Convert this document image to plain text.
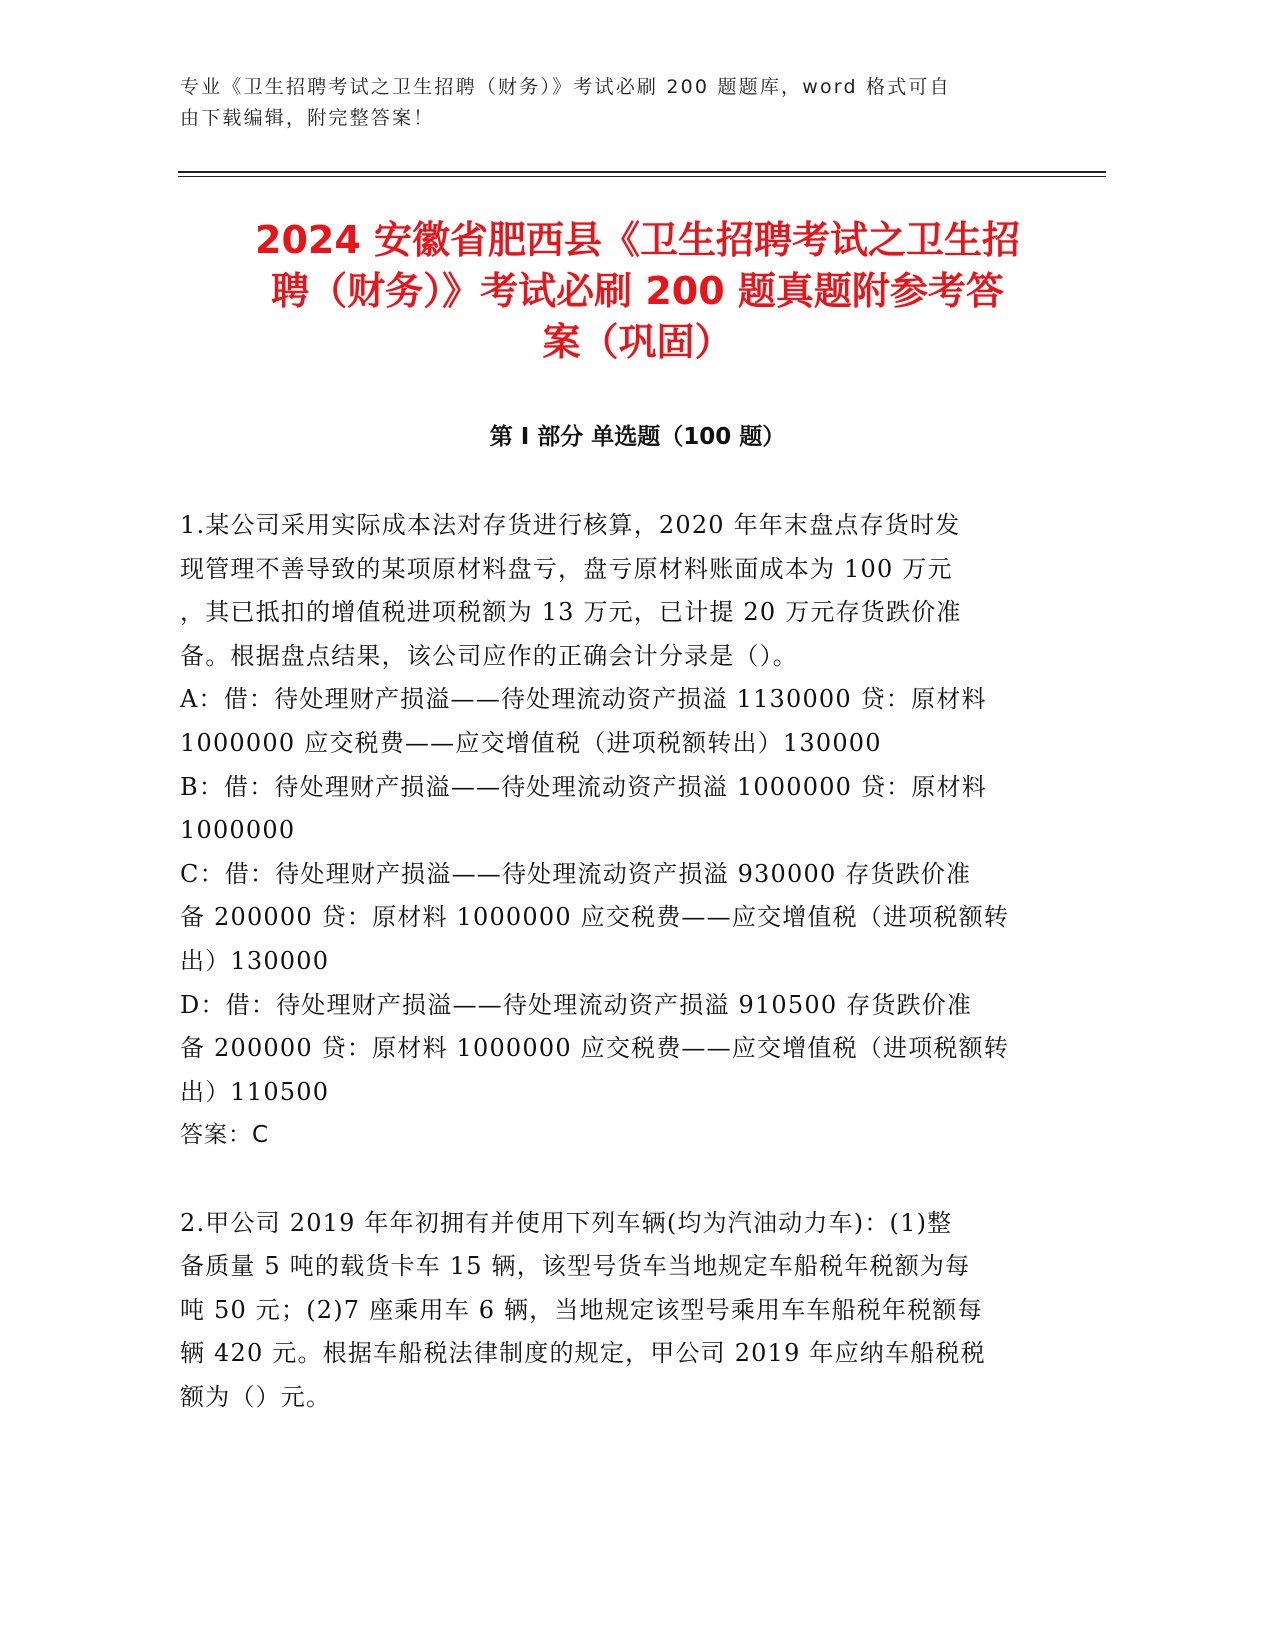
专业《卫生招聘考试之卫生招聘（财务）》考试必刷 200 题题库，word 格式可自
由下载编辑，附完整答案！
2024 安徽省肥西县《卫生招聘考试之卫生招
聘（财务）》考试必刷 200 题真题附参考答
案（巩固）
第 I 部分 单选题（100 题）
1.某公司采用实际成本法对存货进行核算，2020 年年末盘点存货时发
现管理不善导致的某项原材料盘亏，盘亏原材料账面成本为 100 万元
，其已抵扣的增值税进项税额为 13 万元，已计提 20 万元存货跌价准
备。根据盘点结果，该公司应作的正确会计分录是（）。
A：借：待处理财产损溢——待处理流动资产损溢 1130000 贷：原材料
1000000 应交税费——应交增值税（进项税额转出）130000
B：借：待处理财产损溢——待处理流动资产损溢 1000000 贷：原材料
1000000
C：借：待处理财产损溢——待处理流动资产损溢 930000 存货跌价准
备 200000 贷：原材料 1000000 应交税费——应交增值税（进项税额转
出）130000
D：借：待处理财产损溢——待处理流动资产损溢 910500 存货跌价准
备 200000 贷：原材料 1000000 应交税费——应交增值税（进项税额转
出）110500
答案：C
2.甲公司 2019 年年初拥有并使用下列车辆(均为汽油动力车)：(1)整
备质量 5 吨的载货卡车 15 辆，该型号货车当地规定车船税年税额为每
吨 50 元；(2)7 座乘用车 6 辆，当地规定该型号乘用车车船税年税额每
辆 420 元。根据车船税法律制度的规定，甲公司 2019 年应纳车船税税
额为（）元。
